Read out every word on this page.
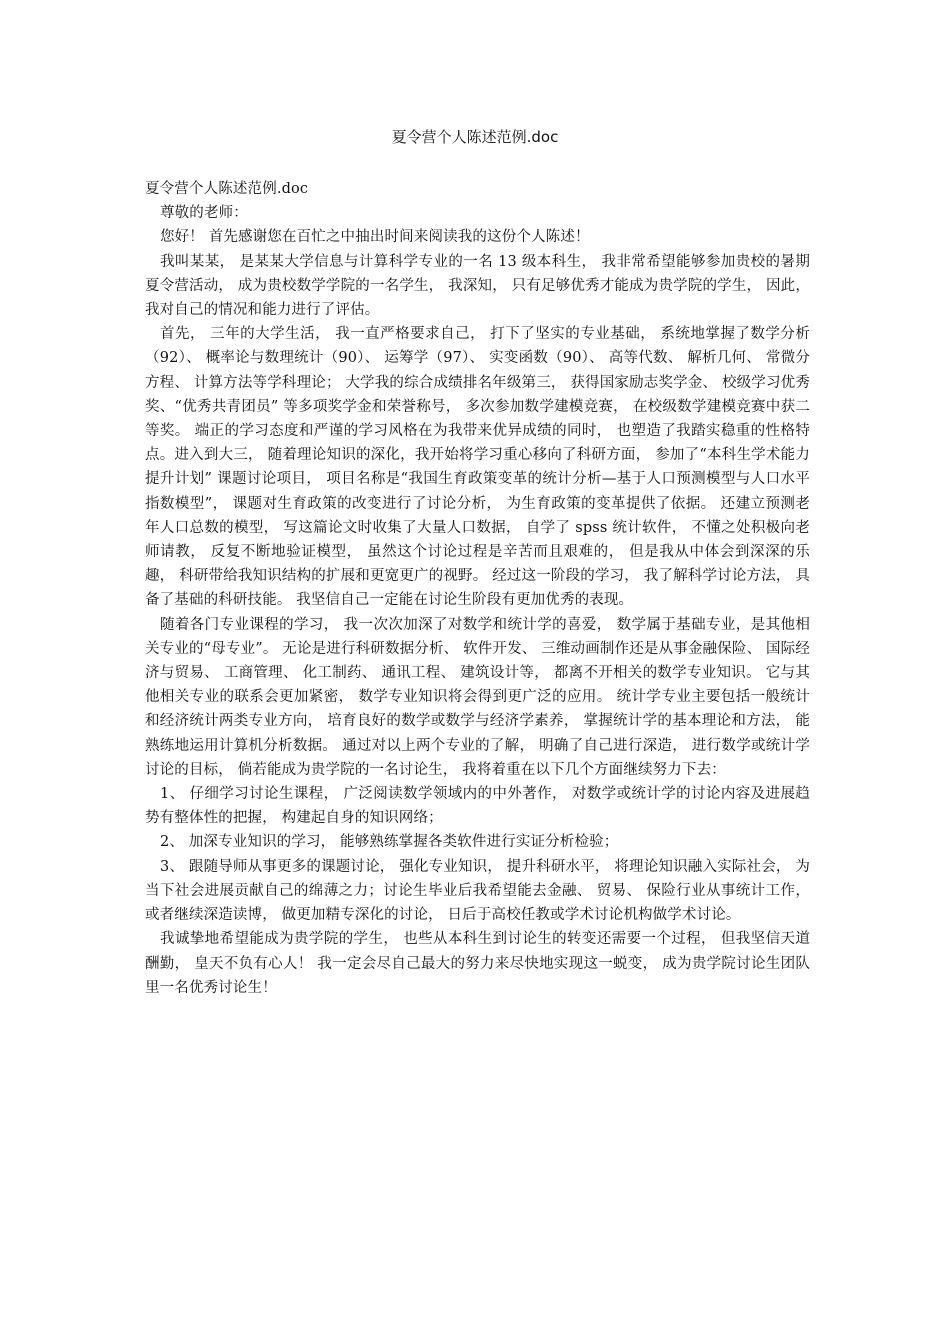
夏令营个人陈述范例.doc

夏令营个人陈述范例.doc

尊敬的老师：

您好！ 首先感谢您在百忙之中抽出时间来阅读我的这份个人陈述！

我叫某某， 是某某大学信息与计算科学专业的一名 13 级本科生， 我非常希望能够参加贵校的暑期夏令营活动， 成为贵校数学学院的一名学生， 我深知， 只有足够优秀才能成为贵学院的学生， 因此， 我对自己的情况和能力进行了评估。

首先， 三年的大学生活， 我一直严格要求自己， 打下了坚实的专业基础， 系统地掌握了数学分析（92）、 概率论与数理统计（90）、 运筹学（97）、 实变函数（90）、 高等代数、 解析几何、 常微分方程、 计算方法等学科理论； 大学我的综合成绩排名年级第三， 获得国家励志奖学金、 校级学习优秀奖、“优秀共青团员” 等多项奖学金和荣誉称号， 多次参加数学建模竞赛， 在校级数学建模竞赛中获二等奖。 端正的学习态度和严谨的学习风格在为我带来优异成绩的同时， 也塑造了我踏实稳重的性格特点。进入到大三， 随着理论知识的深化，我开始将学习重心移向了科研方面， 参加了“本科生学术能力提升计划” 课题讨论项目， 项目名称是“我国生育政策变革的统计分析—基于人口预测模型与人口水平指数模型”， 课题对生育政策的改变进行了讨论分析， 为生育政策的变革提供了依据。 还建立预测老年人口总数的模型， 写这篇论文时收集了大量人口数据， 自学了 spss 统计软件， 不懂之处积极向老师请教， 反复不断地验证模型， 虽然这个讨论过程是辛苦而且艰难的， 但是我从中体会到深深的乐趣， 科研带给我知识结构的扩展和更宽更广的视野。 经过这一阶段的学习， 我了解科学讨论方法， 具备了基础的科研技能。 我坚信自己一定能在讨论生阶段有更加优秀的表现。

随着各门专业课程的学习， 我一次次加深了对数学和统计学的喜爱， 数学属于基础专业，是其他相关专业的“母专业”。 无论是进行科研数据分析、 软件开发、 三维动画制作还是从事金融保险、 国际经济与贸易、 工商管理、 化工制药、 通讯工程、 建筑设计等， 都离不开相关的数学专业知识。 它与其他相关专业的联系会更加紧密， 数学专业知识将会得到更广泛的应用。 统计学专业主要包括一般统计和经济统计两类专业方向， 培育良好的数学或数学与经济学素养， 掌握统计学的基本理论和方法， 能熟练地运用计算机分析数据。 通过对以上两个专业的了解， 明确了自己进行深造， 进行数学或统计学讨论的目标， 倘若能成为贵学院的一名讨论生， 我将着重在以下几个方面继续努力下去：

1、 仔细学习讨论生课程， 广泛阅读数学领域内的中外著作， 对数学或统计学的讨论内容及进展趋势有整体性的把握， 构建起自身的知识网络；

2、 加深专业知识的学习， 能够熟练掌握各类软件进行实证分析检验；

3、 跟随导师从事更多的课题讨论， 强化专业知识， 提升科研水平， 将理论知识融入实际社会， 为当下社会进展贡献自己的绵薄之力；讨论生毕业后我希望能去金融、 贸易、 保险行业从事统计工作， 或者继续深造读博， 做更加精专深化的讨论， 日后于高校任教或学术讨论机构做学术讨论。

我诚挚地希望能成为贵学院的学生， 也些从本科生到讨论生的转变还需要一个过程， 但我坚信天道酬勤， 皇天不负有心人！ 我一定会尽自己最大的努力来尽快地实现这一蜕变， 成为贵学院讨论生团队里一名优秀讨论生！
